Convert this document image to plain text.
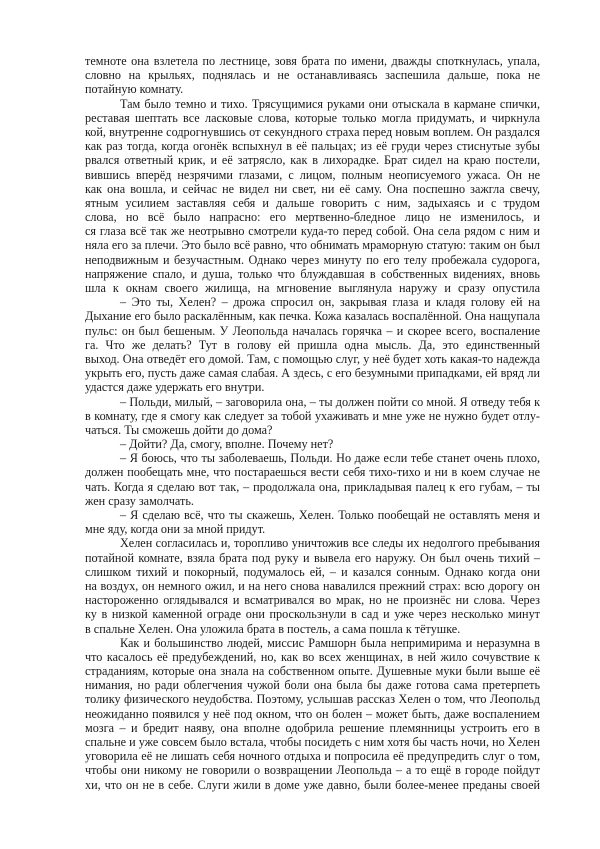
темноте она взлетела по лестнице, зовя брата по имени, дважды споткнулась, упала,
словно на крыльях, поднялась и не останавливаясь заспешила дальше, пока не
потайную комнату.
Там было темно и тихо. Трясущимися руками они отыскала в кармане спички,
реставая шептать все ласковые слова, которые только могла придумать, и чиркнула
кой, внутренне содрогнувшись от секундного страха перед новым воплем. Он раздался
как раз тогда, когда огонёк вспыхнул в её пальцах; из её груди через стиснутые зубы
рвался ответный крик, и её затрясло, как в лихорадке. Брат сидел на краю постели,
вившись вперёд незрячими глазами, с лицом, полным неописуемого ужаса. Он не
как она вошла, и сейчас не видел ни свет, ни её саму. Она поспешно зажгла свечу,
ятным усилием заставляя себя и дальше говорить с ним, задыхаясь и с трудом
слова, но всё было напрасно: его мертвенно-бледное лицо не изменилось, и
ся глаза всё так же неотрывно смотрели куда-то перед собой. Она села рядом с ним и
няла его за плечи. Это было всё равно, что обнимать мраморную статую: таким он был
неподвижным и безучастным. Однако через минуту по его телу пробежала судорога,
напряжение спало, и душа, только что блуждавшая в собственных видениях, вновь
шла к окнам своего жилища, на мгновение выглянула наружу и сразу опустила
– Это ты, Хелен? – дрожа спросил он, закрывая глаза и кладя голову ей на
Дыхание его было раскалённым, как печка. Кожа казалась воспалённой. Она нащупала
пульс: он был бешеным. У Леопольда началась горячка – и скорее всего, воспаление
га. Что же делать? Тут в голову ей пришла одна мысль. Да, это единственный
выход. Она отведёт его домой. Там, с помощью слуг, у неё будет хоть какая-то надежда
укрыть его, пусть даже самая слабая. А здесь, с его безумными припадками, ей вряд ли
удастся даже удержать его внутри.
– Польди, милый, – заговорила она, – ты должен пойти со мной. Я отведу тебя к
в комнату, где я смогу как следует за тобой ухаживать и мне уже не нужно будет отлу-
чаться. Ты сможешь дойти до дома?
– Дойти? Да, смогу, вполне. Почему нет?
– Я боюсь, что ты заболеваешь, Польди. Но даже если тебе станет очень плохо,
должен пообещать мне, что постараешься вести себя тихо-тихо и ни в коем случае не
чать. Когда я сделаю вот так, – продолжала она, прикладывая палец к его губам, – ты
жен сразу замолчать.
– Я сделаю всё, что ты скажешь, Хелен. Только пообещай не оставлять меня и
мне яду, когда они за мной придут.
Хелен согласилась и, торопливо уничтожив все следы их недолгого пребывания
потайной комнате, взяла брата под руку и вывела его наружу. Он был очень тихий –
слишком тихий и покорный, подумалось ей, – и казался сонным. Однако когда они
на воздух, он немного ожил, и на него снова навалился прежний страх: всю дорогу он
настороженно оглядывался и всматривался во мрак, но не произнёс ни слова. Через
ку в низкой каменной ограде они проскользнули в сад и уже через несколько минут
в спальне Хелен. Она уложила брата в постель, а сама пошла к тётушке.
Как и большинство людей, миссис Рамшорн была непримирима и неразумна в
что касалось её предубеждений, но, как во всех женщинах, в ней жило сочувствие к
страданиям, которые она знала на собственном опыте. Душевные муки были выше её
нимания, но ради облегчения чужой боли она была бы даже готова сама претерпеть
толику физического неудобства. Поэтому, услышав рассказ Хелен о том, что Леопольд
неожиданно появился у неё под окном, что он болен – может быть, даже воспалением
мозга – и бредит наяву, она вполне одобрила решение племянницы устроить его в
спальне и уже совсем было встала, чтобы посидеть с ним хотя бы часть ночи, но Хелен
уговорила её не лишать себя ночного отдыха и попросила её предупредить слуг о том,
чтобы они никому не говорили о возвращении Леопольда – а то ещё в городе пойдут
хи, что он не в себе. Слуги жили в доме уже давно, были более-менее преданы своей
